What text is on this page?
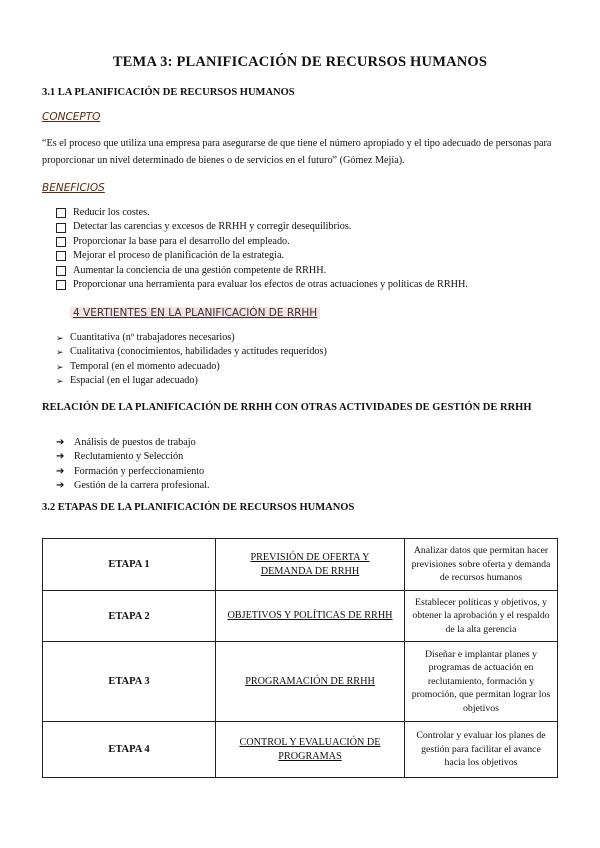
TEMA 3: PLANIFICACIÓN DE RECURSOS HUMANOS
3.1 LA PLANIFICACIÓN DE RECURSOS HUMANOS
CONCEPTO
“Es el proceso que utiliza una empresa para asegurarse de que tiene el número apropiado y el tipo adecuado de personas para proporcionar un nivel determinado de bienes o de servicios en el futuro” (Gómez Mejía).
BENEFICIOS
Reducir los costes.
Detectar las carencias y excesos de RRHH y corregir desequilibrios.
Proporcionar la base para el desarrollo del empleado.
Mejorar el proceso de planificación de la estrategia.
Aumentar la conciencia de una gestión competente de RRHH.
Proporcionar una herramienta para evaluar los efectos de otras actuaciones y políticas de RRHH.
4 VERTIENTES EN LA PLANIFICACIÓN DE RRHH
➢ Cuantitativa (nº trabajadores necesarios)
➢ Cualitativa (conocimientos, habilidades y actitudes requeridos)
➢ Temporal (en el momento adecuado)
➢ Espacial (en el lugar adecuado)
RELACIÓN DE LA PLANIFICACIÓN DE RRHH CON OTRAS ACTIVIDADES DE GESTIÓN DE RRHH
➔ Análisis de puestos de trabajo
➔ Reclutamiento y Selección
➔ Formación y perfeccionamiento
➔ Gestión de la carrera profesional.
3.2 ETAPAS DE LA PLANIFICACIÓN DE RECURSOS HUMANOS
ETAPA 1	PREVISIÓN DE OFERTA Y DEMANDA DE RRHH	Analizar datos que permitan hacer previsiones sobre oferta y demanda de recursos humanos
ETAPA 2	OBJETIVOS Y POLÍTICAS DE RRHH	Establecer políticas y objetivos, y obtener la aprobación y el respaldo de la alta gerencia
ETAPA 3	PROGRAMACIÓN DE RRHH	Diseñar e implantar planes y programas de actuación en reclutamiento, formación y promoción, que permitan lograr los objetivos
ETAPA 4	CONTROL Y EVALUACIÓN DE PROGRAMAS	Controlar y evaluar los planes de gestión para facilitar el avance hacia los objetivos
